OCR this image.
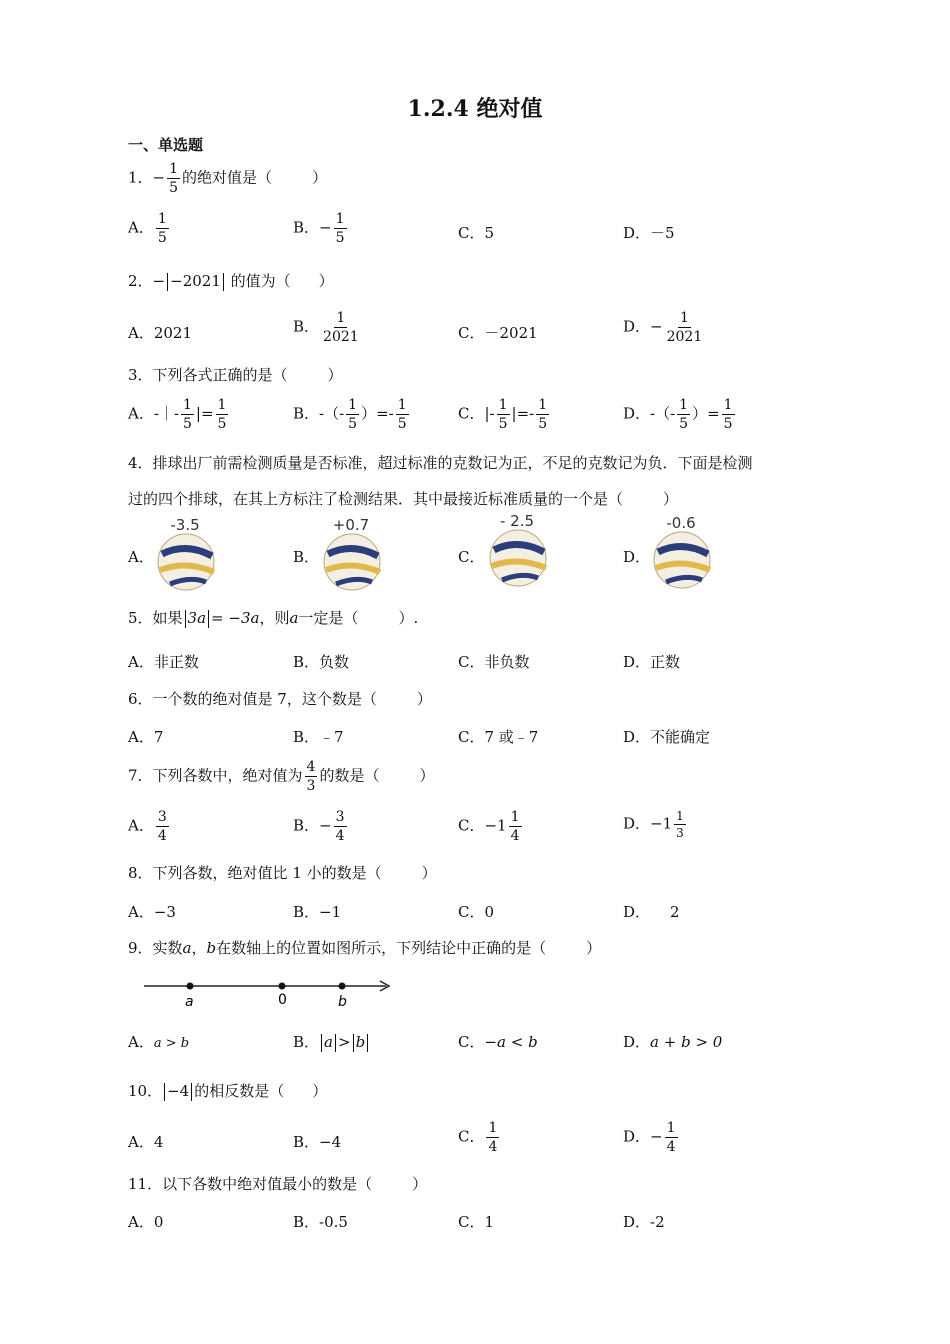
1.2.4 绝对值
一、单选题
1．− $\frac{1}{5}$ 的绝对值是（	）
A． $\frac{1}{5}$	B．− $\frac{1}{5}$	C．5	D．－5
2．− −2021 的值为（ ）
A．2021	B． $\frac{1}{2021}$	C．－2021	D．− $\frac{1}{2021}$
3．下列各式正确的是（	）
A．-｜- $\frac{1}{5}$ |= $\frac{1}{5}$	B．-（- $\frac{1}{5}$ ）=- $\frac{1}{5}$	C．|- $\frac{1}{5}$ |=- $\frac{1}{5}$	D．-（- $\frac{1}{5}$ ）= $\frac{1}{5}$
4．排球出厂前需检测质量是否标准，超过标准的克数记为正，不足的克数记为负．下面是检测
过的四个排球，在其上方标注了检测结果．其中最接近标准质量的一个是（	）
A．	B．	C．	D．
-3.5	+0.7	- 2.5	-0.6
5．如果 3a = −3a，则a一定是（	）.
A．非正数	B．负数	C．非负数	D．正数
6．一个数的绝对值是 7，这个数是（	）
A．7	B．﹣7	C．7 或﹣7	D．不能确定
7．下列各数中，绝对值为 $\frac{4}{3}$ 的数是（	）
A． $\frac{3}{4}$	B．− $\frac{3}{4}$	C．$-1 \frac{1}{4}$	D．$-1 \frac{1}{3}$
8．下列各数，绝对值比 1 小的数是（	）
A．−3	B．−1	C．0	D． 2
9．实数a，b在数轴上的位置如图所示，下列结论中正确的是（	）
a	0	b
A．a > b	B． a > b	C．−a < b	D．a + b > 0
10． −4 的相反数是（ ）
A．4	B．−4	C． $\frac{1}{4}$	D．− $\frac{1}{4}$
11．以下各数中绝对值最小的数是（	）
A．0	B．-0.5	C．1	D．-2
